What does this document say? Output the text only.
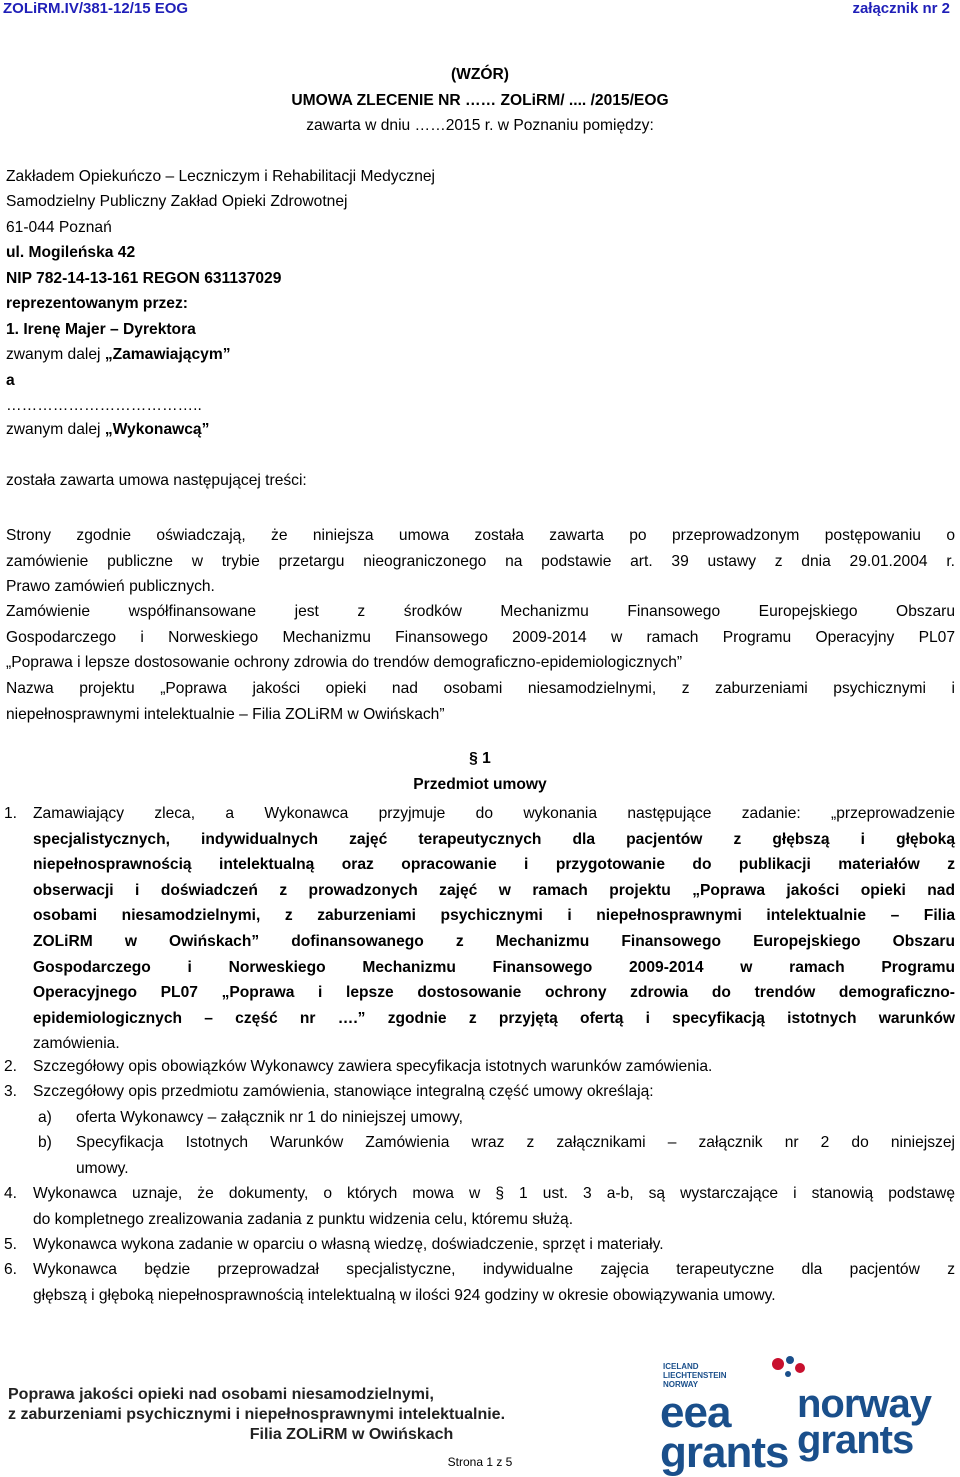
ZOLiRM.IV/381-12/15 EOG	załącznik nr 2
(WZÓR)
UMOWA ZLECENIE NR …… ZOLiRM/ .... /2015/EOG
zawarta w dniu ……2015 r. w Poznaniu pomiędzy:
Zakładem Opiekuńczo – Leczniczym i Rehabilitacji Medycznej
Samodzielny Publiczny Zakład Opieki Zdrowotnej
61-044 Poznań
ul. Mogileńska 42
NIP 782-14-13-161 REGON 631137029
reprezentowanym przez:
1. Irenę Majer – Dyrektora
zwanym dalej „Zamawiającym”
a
………………………………..
zwanym dalej „Wykonawcą”
została zawarta umowa następującej treści:
Strony zgodnie oświadczają, że niniejsza umowa została zawarta po przeprowadzonym postępowaniu o
zamówienie publiczne w trybie przetargu nieograniczonego na podstawie art. 39 ustawy z dnia 29.01.2004 r.
Prawo zamówień publicznych.
Zamówienie współfinansowane jest z środków Mechanizmu Finansowego Europejskiego Obszaru
Gospodarczego i Norweskiego Mechanizmu Finansowego 2009-2014 w ramach Programu Operacyjny PL07
„Poprawa i lepsze dostosowanie ochrony zdrowia do trendów demograficzno-epidemiologicznych”
Nazwa projektu „Poprawa jakości opieki nad osobami niesamodzielnymi, z zaburzeniami psychicznymi i
niepełnosprawnymi intelektualnie – Filia ZOLiRM w Owińskach”
§ 1
Przedmiot umowy
1. Zamawiający zleca, a Wykonawca przyjmuje do wykonania następujące zadanie: „przeprowadzenie
specjalistycznych, indywidualnych zajęć terapeutycznych dla pacjentów z głębszą i głęboką
niepełnosprawnością intelektualną oraz opracowanie i przygotowanie do publikacji materiałów z
obserwacji i doświadczeń z prowadzonych zajęć w ramach projektu „Poprawa jakości opieki nad
osobami niesamodzielnymi, z zaburzeniami psychicznymi i niepełnosprawnymi intelektualnie – Filia
ZOLiRM w Owińskach” dofinansowanego z Mechanizmu Finansowego Europejskiego Obszaru
Gospodarczego i Norweskiego Mechanizmu Finansowego 2009-2014 w ramach Programu
Operacyjnego PL07 „Poprawa i lepsze dostosowanie ochrony zdrowia do trendów demograficzno-
epidemiologicznych – część nr ….” zgodnie z przyjętą ofertą i specyfikacją istotnych warunków
zamówienia.
2. Szczegółowy opis obowiązków Wykonawcy zawiera specyfikacja istotnych warunków zamówienia.
3. Szczegółowy opis przedmiotu zamówienia, stanowiące integralną część umowy określają:
a) oferta Wykonawcy – załącznik nr 1 do niniejszej umowy,
b) Specyfikacja Istotnych Warunków Zamówienia wraz z załącznikami – załącznik nr 2 do niniejszej
umowy.
4. Wykonawca uznaje, że dokumenty, o których mowa w § 1 ust. 3 a-b, są wystarczające i stanowią podstawę
do kompletnego zrealizowania zadania z punktu widzenia celu, któremu służą.
5. Wykonawca wykona zadanie w oparciu o własną wiedzę, doświadczenie, sprzęt i materiały.
6. Wykonawca będzie przeprowadzał specjalistyczne, indywidualne zajęcia terapeutyczne dla pacjentów z
głębszą i głęboką niepełnosprawnością intelektualną w ilości 924 godziny w okresie obowiązywania umowy.
Poprawa jakości opieki nad osobami niesamodzielnymi,
z zaburzeniami psychicznymi i niepełnosprawnymi intelektualnie.
Filia ZOLiRM w Owińskach
ICELAND
LIECHTENSTEIN
NORWAY
eea
grants
norway
grants
Strona 1 z 5
